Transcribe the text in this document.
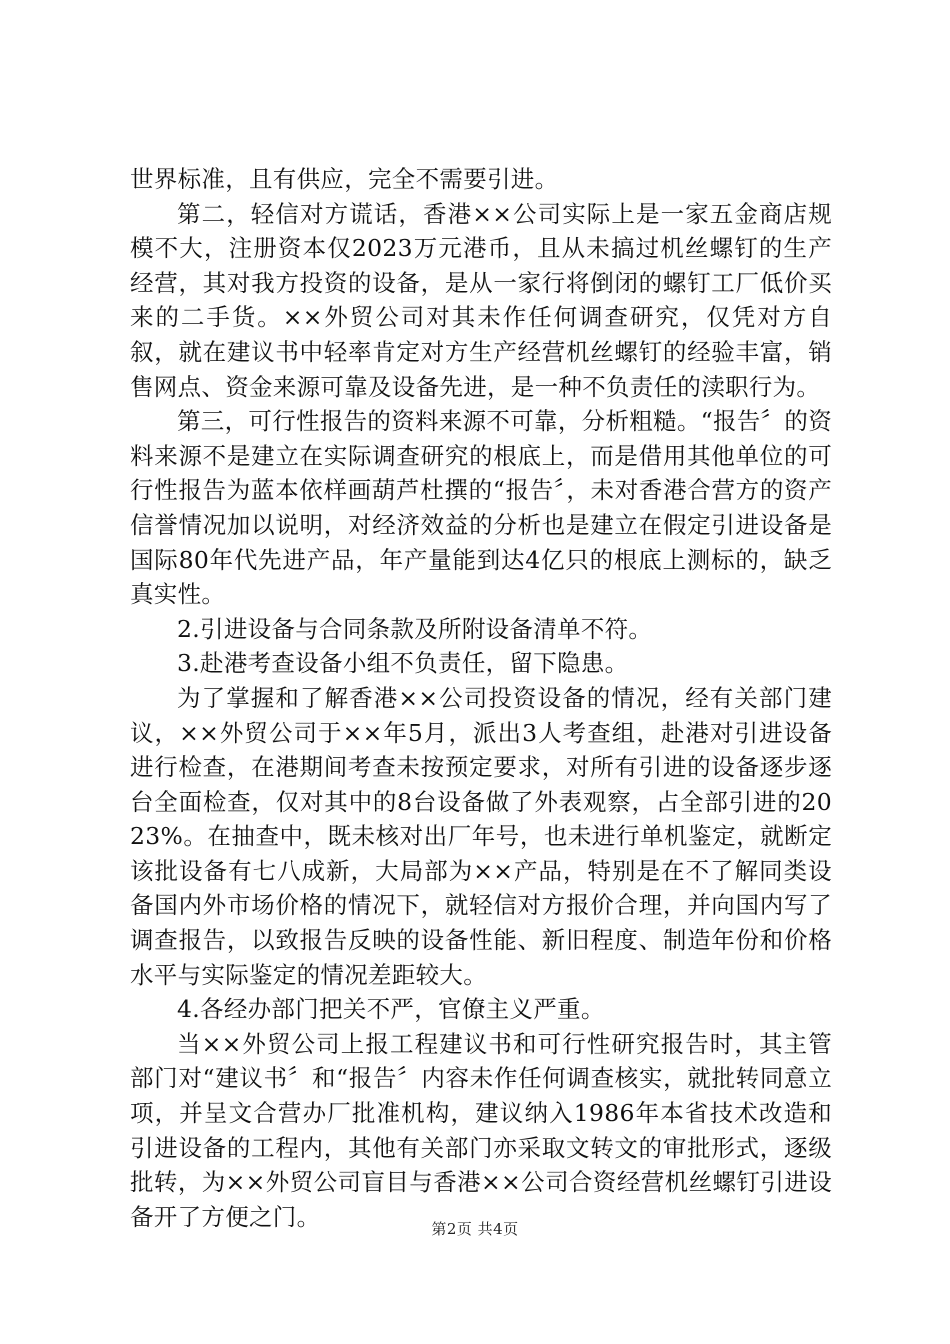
世界标准，且有供应，完全不需要引进。

第二，轻信对方谎话，香港××公司实际上是一家五金商店规模不大，注册资本仅2023万元港币，且从未搞过机丝螺钉的生产经营，其对我方投资的设备，是从一家行将倒闭的螺钉工厂低价买来的二手货。××外贸公司对其未作任何调查研究，仅凭对方自叙，就在建议书中轻率肯定对方生产经营机丝螺钉的经验丰富，销售网点、资金来源可靠及设备先进，是一种不负责任的渎职行为。

第三，可行性报告的资料来源不可靠，分析粗糙。“报告〞的资料来源不是建立在实际调查研究的根底上，而是借用其他单位的可行性报告为蓝本依样画葫芦杜撰的“报告〞，未对香港合营方的资产信誉情况加以说明，对经济效益的分析也是建立在假定引进设备是国际80年代先进产品，年产量能到达4亿只的根底上测标的，缺乏真实性。

2.引进设备与合同条款及所附设备清单不符。

3.赴港考查设备小组不负责任，留下隐患。

为了掌握和了解香港××公司投资设备的情况，经有关部门建议，××外贸公司于××年5月，派出3人考查组，赴港对引进设备进行检查，在港期间考查未按预定要求，对所有引进的设备逐步逐台全面检查，仅对其中的8台设备做了外表观察，占全部引进的2023%。在抽查中，既未核对出厂年号，也未进行单机鉴定，就断定该批设备有七八成新，大局部为××产品，特别是在不了解同类设备国内外市场价格的情况下，就轻信对方报价合理，并向国内写了调查报告，以致报告反映的设备性能、新旧程度、制造年份和价格水平与实际鉴定的情况差距较大。

4.各经办部门把关不严，官僚主义严重。

当××外贸公司上报工程建议书和可行性研究报告时，其主管部门对“建议书〞和“报告〞内容未作任何调查核实，就批转同意立项，并呈文合营办厂批准机构，建议纳入1986年本省技术改造和引进设备的工程内，其他有关部门亦采取文转文的审批形式，逐级批转，为××外贸公司盲目与香港××公司合资经营机丝螺钉引进设备开了方便之门。	第2页 共4页
